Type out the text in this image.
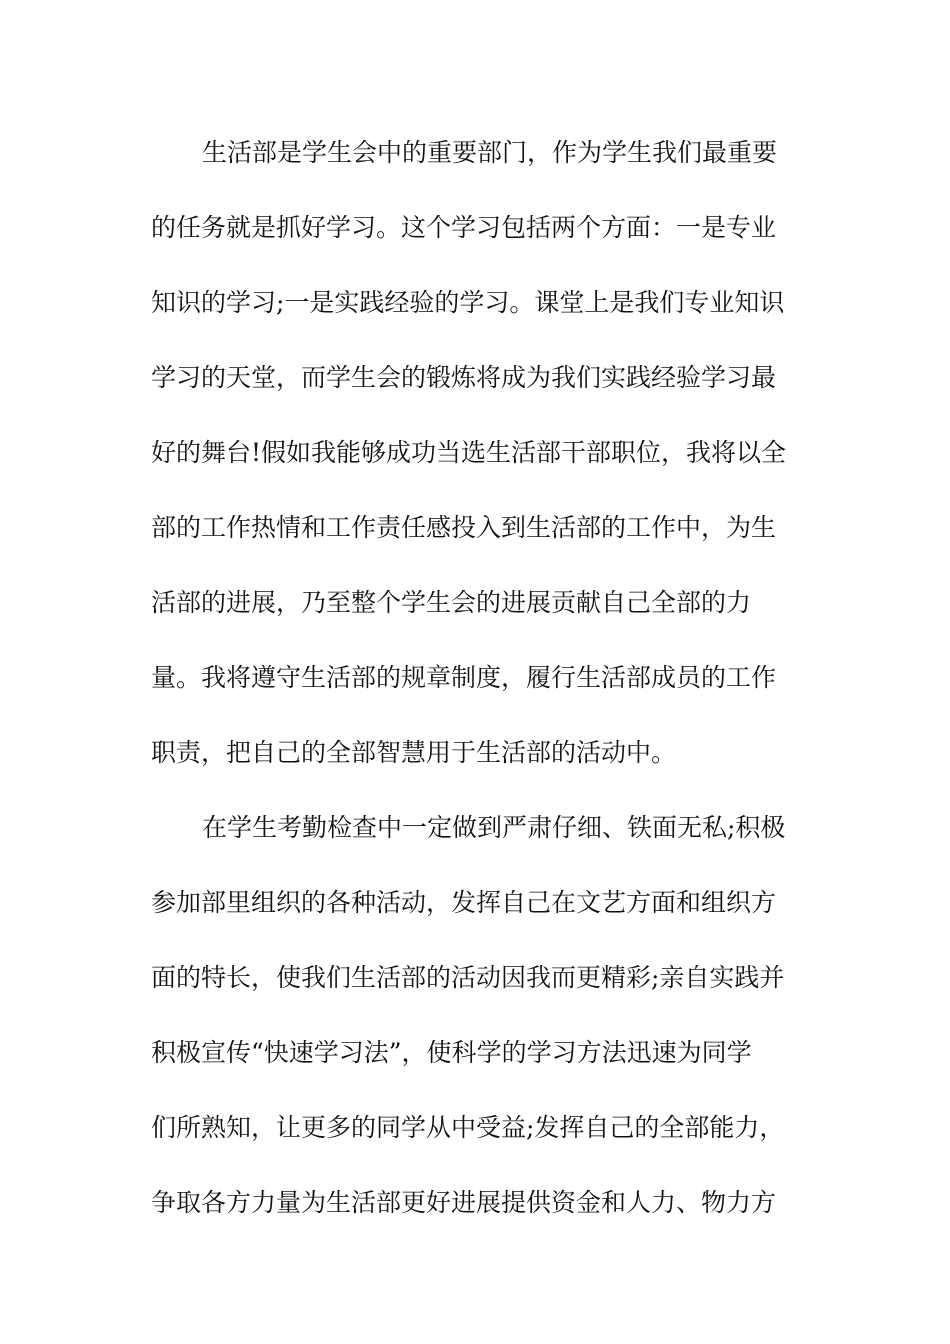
生活部是学生会中的重要部门，作为学生我们最重要
的任务就是抓好学习。这个学习包括两个方面：一是专业
知识的学习;一是实践经验的学习。课堂上是我们专业知识
学习的天堂，而学生会的锻炼将成为我们实践经验学习最
好的舞台!假如我能够成功当选生活部干部职位，我将以全
部的工作热情和工作责任感投入到生活部的工作中，为生
活部的进展，乃至整个学生会的进展贡献自己全部的力
量。我将遵守生活部的规章制度，履行生活部成员的工作
职责，把自己的全部智慧用于生活部的活动中。
在学生考勤检查中一定做到严肃仔细、铁面无私;积极
参加部里组织的各种活动，发挥自己在文艺方面和组织方
面的特长，使我们生活部的活动因我而更精彩;亲自实践并
积极宣传“快速学习法”，使科学的学习方法迅速为同学
们所熟知，让更多的同学从中受益;发挥自己的全部能力，
争取各方力量为生活部更好进展提供资金和人力、物力方
